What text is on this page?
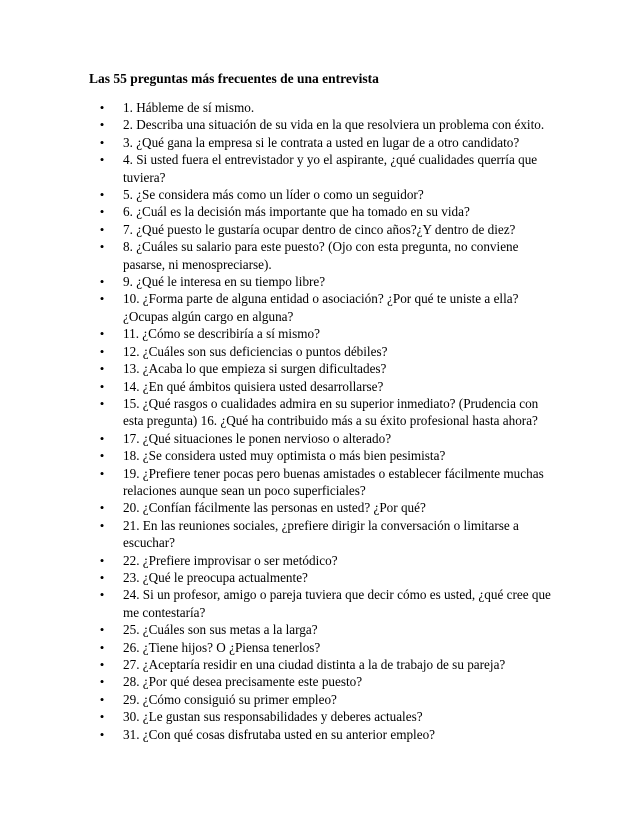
Las 55 preguntas más frecuentes de una entrevista
• 1. Hábleme de sí mismo.
• 2. Describa una situación de su vida en la que resolviera un problema con éxito.
• 3. ¿Qué gana la empresa si le contrata a usted en lugar de a otro candidato?
• 4. Si usted fuera el entrevistador y yo el aspirante, ¿qué cualidades querría que tuviera?
• 5. ¿Se considera más como un líder o como un seguidor?
• 6. ¿Cuál es la decisión más importante que ha tomado en su vida?
• 7. ¿Qué puesto le gustaría ocupar dentro de cinco años?¿Y dentro de diez?
• 8. ¿Cuáles su salario para este puesto? (Ojo con esta pregunta, no conviene pasarse, ni menospreciarse).
• 9. ¿Qué le interesa en su tiempo libre?
• 10. ¿Forma parte de alguna entidad o asociación? ¿Por qué te uniste a ella? ¿Ocupas algún cargo en alguna?
• 11. ¿Cómo se describiría a sí mismo?
• 12. ¿Cuáles son sus deficiencias o puntos débiles?
• 13. ¿Acaba lo que empieza si surgen dificultades?
• 14. ¿En qué ámbitos quisiera usted desarrollarse?
• 15. ¿Qué rasgos o cualidades admira en su superior inmediato? (Prudencia con esta pregunta) 16. ¿Qué ha contribuido más a su éxito profesional hasta ahora?
• 17. ¿Qué situaciones le ponen nervioso o alterado?
• 18. ¿Se considera usted muy optimista o más bien pesimista?
• 19. ¿Prefiere tener pocas pero buenas amistades o establecer fácilmente muchas relaciones aunque sean un poco superficiales?
• 20. ¿Confían fácilmente las personas en usted? ¿Por qué?
• 21. En las reuniones sociales, ¿prefiere dirigir la conversación o limitarse a escuchar?
• 22. ¿Prefiere improvisar o ser metódico?
• 23. ¿Qué le preocupa actualmente?
• 24. Si un profesor, amigo o pareja tuviera que decir cómo es usted, ¿qué cree que me contestaría?
• 25. ¿Cuáles son sus metas a la larga?
• 26. ¿Tiene hijos? O ¿Piensa tenerlos?
• 27. ¿Aceptaría residir en una ciudad distinta a la de trabajo de su pareja?
• 28. ¿Por qué desea precisamente este puesto?
• 29. ¿Cómo consiguió su primer empleo?
• 30. ¿Le gustan sus responsabilidades y deberes actuales?
• 31. ¿Con qué cosas disfrutaba usted en su anterior empleo?
